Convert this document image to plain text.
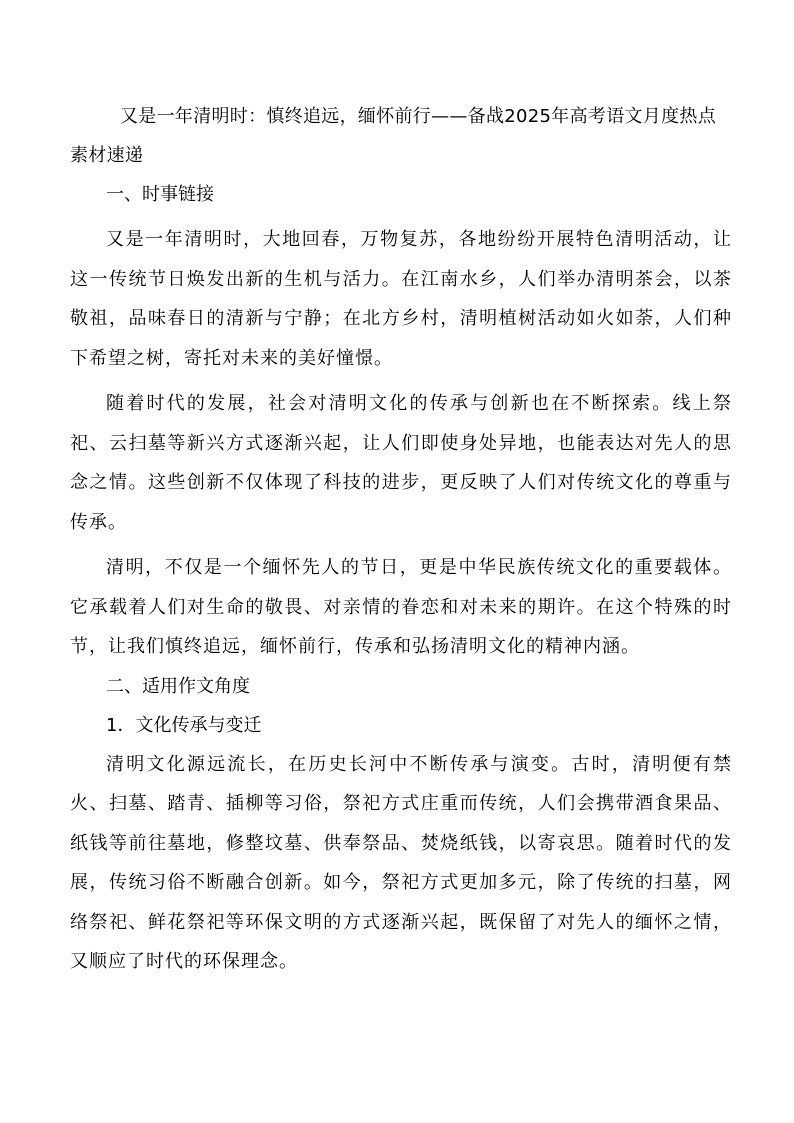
又是一年清明时：慎终追远，缅怀前行——备战2025年高考语文月度热点素材速递

一、时事链接

又是一年清明时，大地回春，万物复苏，各地纷纷开展特色清明活动，让这一传统节日焕发出新的生机与活力。在江南水乡，人们举办清明茶会，以茶敬祖，品味春日的清新与宁静；在北方乡村，清明植树活动如火如荼，人们种下希望之树，寄托对未来的美好憧憬。

随着时代的发展，社会对清明文化的传承与创新也在不断探索。线上祭祀、云扫墓等新兴方式逐渐兴起，让人们即使身处异地，也能表达对先人的思念之情。这些创新不仅体现了科技的进步，更反映了人们对传统文化的尊重与传承。

清明，不仅是一个缅怀先人的节日，更是中华民族传统文化的重要载体。它承载着人们对生命的敬畏、对亲情的眷恋和对未来的期许。在这个特殊的时节，让我们慎终追远，缅怀前行，传承和弘扬清明文化的精神内涵。

二、适用作文角度

1．文化传承与变迁

清明文化源远流长，在历史长河中不断传承与演变。古时，清明便有禁火、扫墓、踏青、插柳等习俗，祭祀方式庄重而传统，人们会携带酒食果品、纸钱等前往墓地，修整坟墓、供奉祭品、焚烧纸钱，以寄哀思。随着时代的发展，传统习俗不断融合创新。如今，祭祀方式更加多元，除了传统的扫墓，网络祭祀、鲜花祭祀等环保文明的方式逐渐兴起，既保留了对先人的缅怀之情，又顺应了时代的环保理念。
